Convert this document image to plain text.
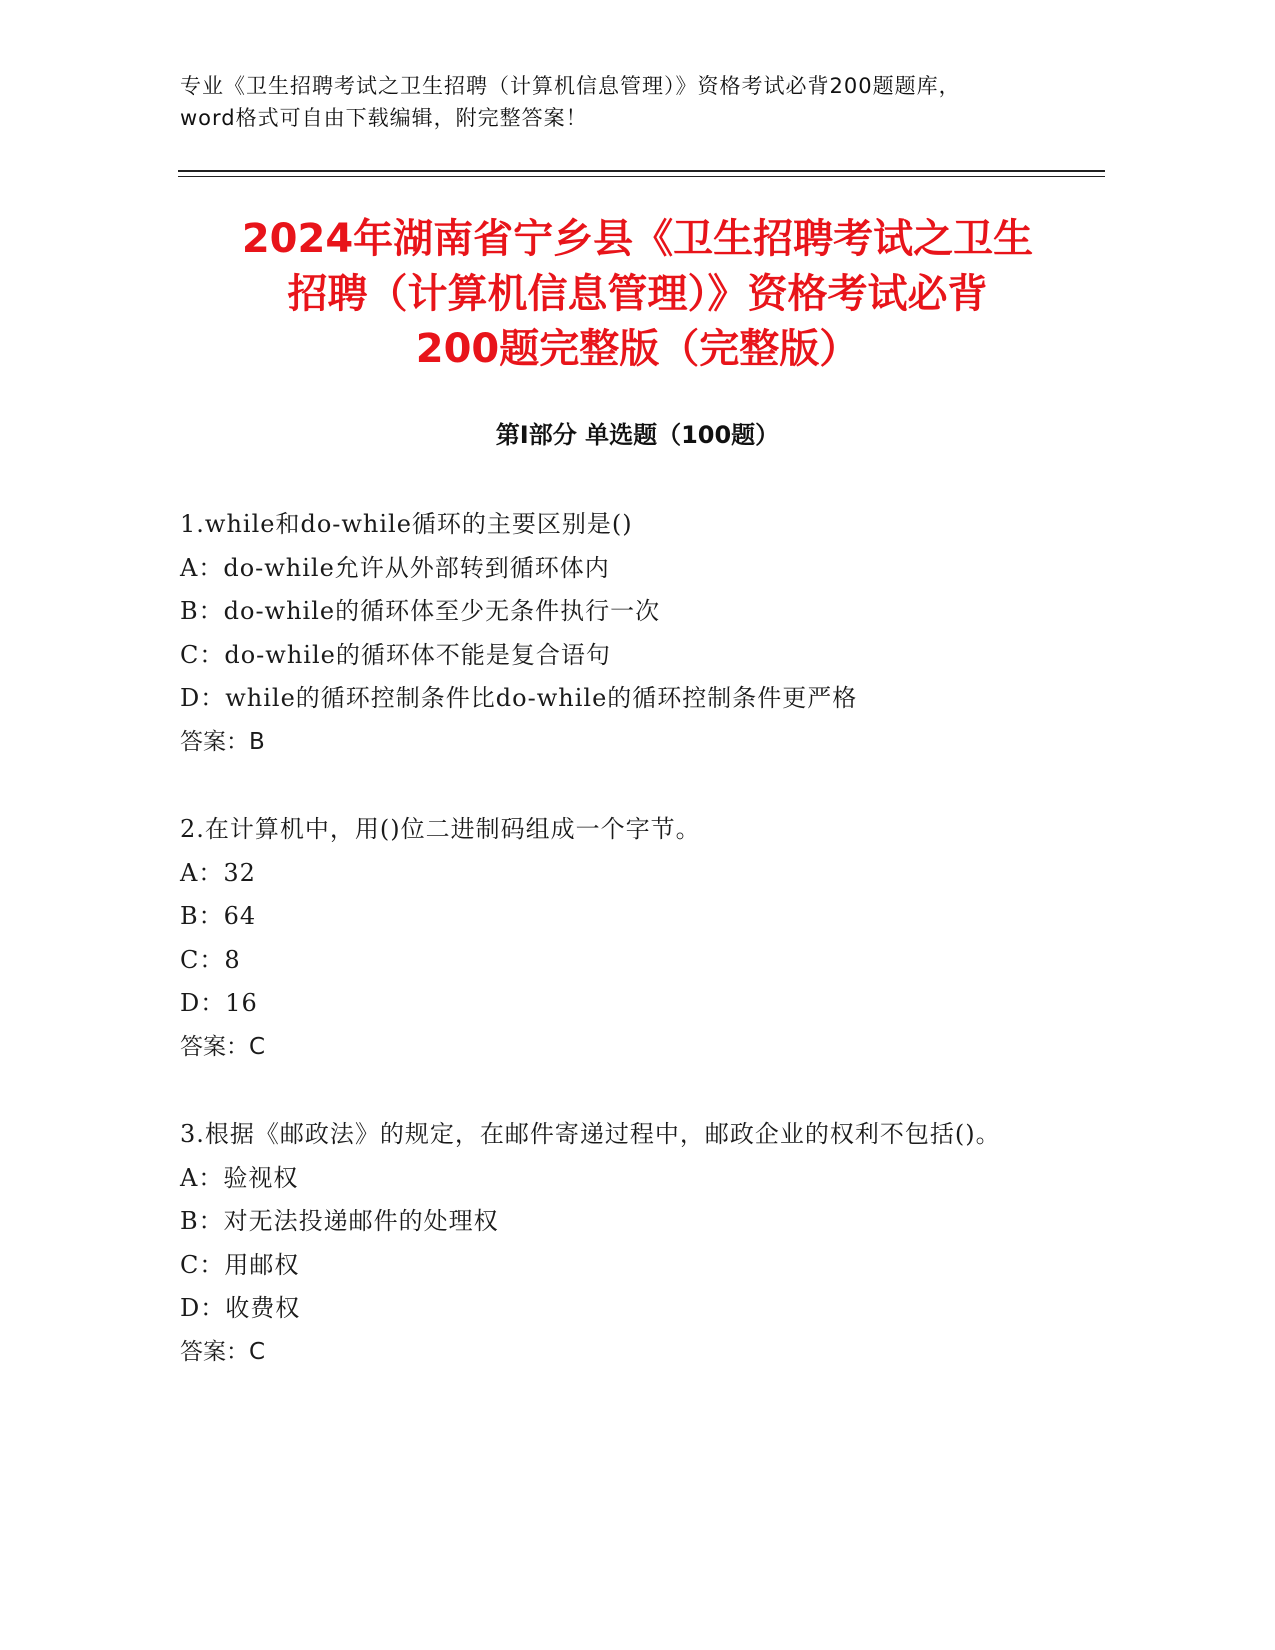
专业《卫生招聘考试之卫生招聘（计算机信息管理）》资格考试必背200题题库，
word格式可自由下载编辑，附完整答案！
2024年湖南省宁乡县《卫生招聘考试之卫生
招聘（计算机信息管理）》资格考试必背
200题完整版（完整版）
第Ⅰ部分 单选题（100题）
1.while和do-while循环的主要区别是()
A：do-while允许从外部转到循环体内
B：do-while的循环体至少无条件执行一次
C：do-while的循环体不能是复合语句
D：while的循环控制条件比do-while的循环控制条件更严格
答案：B
2.在计算机中，用()位二进制码组成一个字节。
A：32
B：64
C：8
D：16
答案：C
3.根据《邮政法》的规定，在邮件寄递过程中，邮政企业的权利不包括()。
A：验视权
B：对无法投递邮件的处理权
C：用邮权
D：收费权
答案：C
